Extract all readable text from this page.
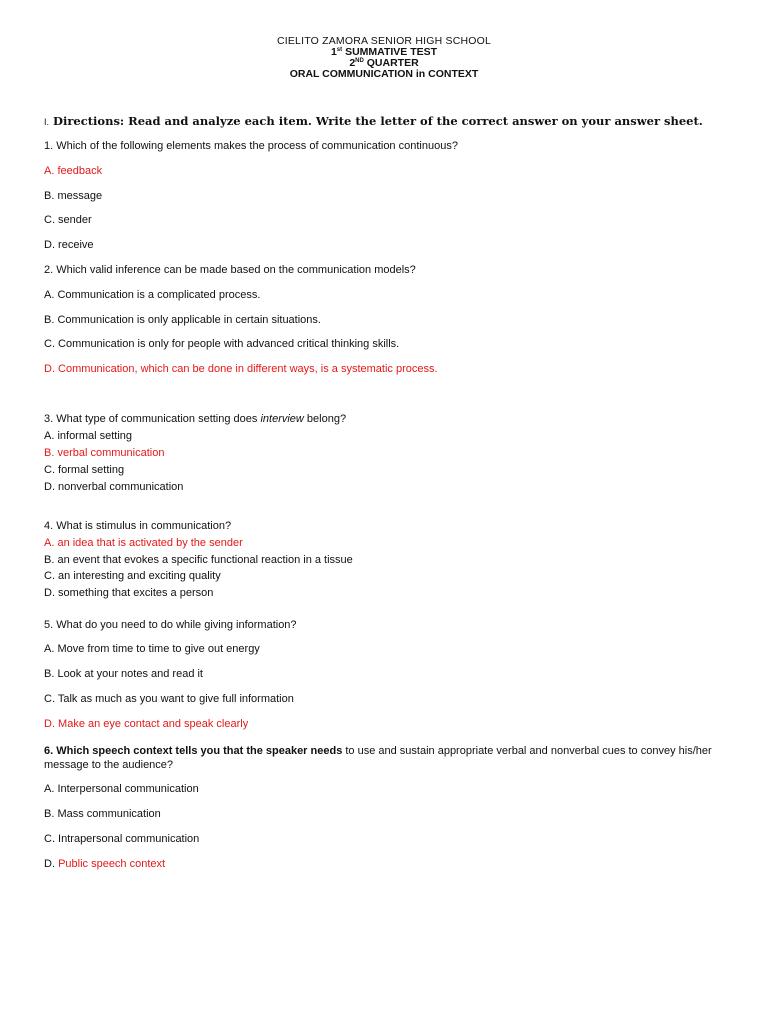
CIELITO ZAMORA SENIOR HIGH SCHOOL
1st SUMMATIVE TEST
2ND QUARTER
ORAL COMMUNICATION in CONTEXT
I. Directions: Read and analyze each item. Write the letter of the correct answer on your answer sheet.
1. Which of the following elements makes the process of communication continuous?
A. feedback
B. message
C. sender
D. receive
2. Which valid inference can be made based on the communication models?
A. Communication is a complicated process.
B. Communication is only applicable in certain situations.
C. Communication is only for people with advanced critical thinking skills.
D. Communication, which can be done in different ways, is a systematic process.
3. What type of communication setting does interview belong?
A. informal setting
B. verbal communication
C. formal setting
D. nonverbal communication
4. What is stimulus in communication?
A. an idea that is activated by the sender
B. an event that evokes a specific functional reaction in a tissue
C. an interesting and exciting quality
D. something that excites a person
5. What do you need to do while giving information?
A. Move from time to time to give out energy
B. Look at your notes and read it
C. Talk as much as you want to give full information
D. Make an eye contact and speak clearly
6. Which speech context tells you that the speaker needs to use and sustain appropriate verbal and nonverbal cues to convey his/her message to the audience?
A. Interpersonal communication
B. Mass communication
C. Intrapersonal communication
D. Public speech context
